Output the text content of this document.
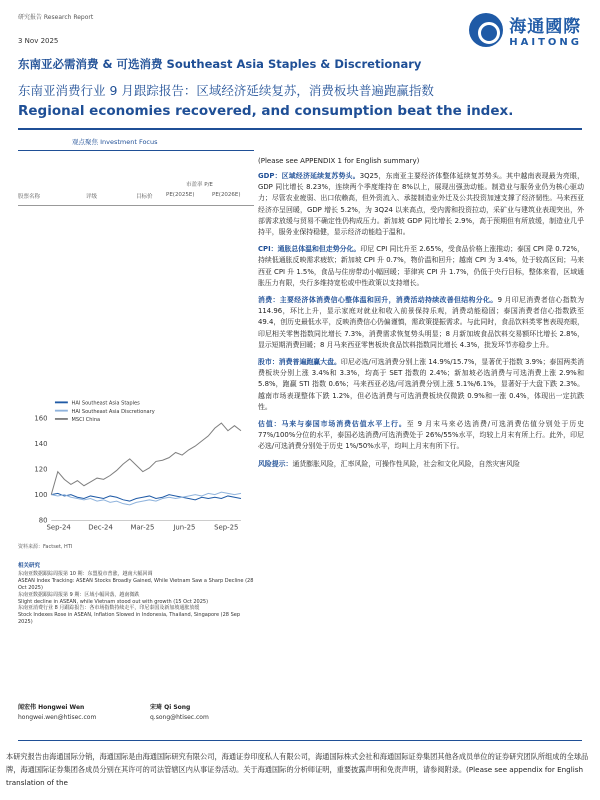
研究报告 Research Report
3 Nov 2025
海通國際
HAITONG
东南亚必需消费 & 可选消费 Southeast Asia Staples & Discretionary
东南亚消费行业 9 月跟踪报告：区域经济延续复苏，消费板块普遍跑赢指数
Regional economies recovered, and consumption beat the index.
观点聚焦 Investment Focus
股票名称	评级	目标价
市盈率 P/E
PE(2025E)	PE(2026E)
80
100
120
140
160
Sep-24 Dec-24 Mar-25	Jun-25	Sep-25
HAI Southeast Asia Staples
HAI Southeast Asia Discretionary
MSCI China
资料来源：Factset, HTI
相关研究
东南亚数据跟踪周报第 10 期：东盟股市普涨，越南大幅回调
ASEAN Index Tracking: ASEAN Stocks Broadly Gained, While Vietnam Saw a Sharp Decline (28 Oct 2025)
东南亚数据跟踪周报第 9 期：区域小幅回落，越南微跌
Slight decline in ASEAN, while Vietnam stood out with growth (15 Oct 2025)
东南亚消费行业 8 月跟踪报告：各市场指数持续走平，印尼泰国及新加坡通胀放缓
Stock Indexes Rose in ASEAN, Inflation Slowed in Indonesia, Thailand, Singapore (28 Sep 2025)
(Please see APPENDIX 1 for English summary)
GDP：区域经济延续复苏势头。3Q25，东南亚主要经济体整体延续复苏势头。其中越南表现最为亮眼，GDP 同比增长 8.23%，连续两个季度维持在 8%以上，展现出强劲动能。制造业与服务业仍为核心驱动力；尽管农业疲弱、出口依赖高，但外资流入、承接制造业外迁及公共投资加速支撑了经济韧性。马来西亚经济亦呈回暖，GDP 增长 5.2%，为 3Q24 以来高点，受内需和投资拉动，采矿业与建筑业表现突出，外部需求放缓与贸易不确定性仍构成压力。新加坡 GDP 同比增长 2.9%，高于预期但有所放缓，制造业几乎持平，服务业保持稳健，显示经济动能趋于温和。
CPI：通胀总体温和但走势分化。印尼 CPI 同比升至 2.65%，受食品价格上涨推动；泰国 CPI 降 0.72%，持续低通胀反映需求疲软；新加坡 CPI 升 0.7%，物价温和回升；越南 CPI 为 3.4%，处于较高区间；马来西亚 CPI 升 1.5%，食品与住房带动小幅回暖；菲律宾 CPI 升 1.7%，仍低于央行目标，整体来看，区域通胀压力有限，央行多维持宽松或中性政策以支持增长。
消费：主要经济体消费信心整体温和回升，消费活动持续改善但结构分化。9 月印尼消费者信心指数为 114.96，环比上升，显示家庭对就业和收入前景保持乐观，消费动能稳固；泰国消费者信心指数跌至 49.4，创历史最低水平，反映消费信心仍偏谨慎，需政策提振需求。与此同时，食品饮料类零售表现亮眼，印尼相关零售指数同比增长 7.3%，消费需求恢复势头明显；8 月新加坡食品饮料交易额环比增长 2.8%，显示短期消费回暖；8 月马来西亚零售板块食品饮料指数同比增长 4.3%，批发环节亦稳步上升。
股市：消费普遍跑赢大盘。印尼必选/可选消费分别上涨 14.9%/15.7%，显著优于指数 3.9%；泰国两类消费板块分别上涨 3.4%和 3.3%，均高于 SET 指数的 2.4%；新加坡必选消费与可选消费上涨 2.9%和 5.8%，跑赢 STI 指数 0.6%；马来西亚必选/可选消费分别上涨 5.1%/6.1%，显著好于大盘下跌 2.3%。越南市场表现整体下跌 1.2%，但必选消费与可选消费板块仅微跌 0.9%和一涨 0.4%，体现出一定抗跌性。
估值：马来与泰国市场消费估值水平上行。至 9 月末马来必选消费/可选消费估值分别处于历史 77%/100%分位的水平，泰国必选消费/可选消费处于 26%/55%水平，均较上月末有所上行。此外，印尼必选/可选消费分别处于历史 1%/50%水平，均叫上月末有所下行。
风险提示：通货膨胀风险，汇率风险，可操作性风险，社会和文化风险，自然灾害风险
闻宏伟 Hongwei Wen
hongwei.wen@htisec.com
宋琦 Qi Song
q.song@htisec.com
本研究报告由海通国际分销，海通国际是由海通国际研究有限公司，海通证券印度私人有限公司，海通国际株式会社和海通国际证券集团其他各成员单位的证券研究团队所组成的全球品牌，海通国际证券集团各成员分别在其许可的司法管辖区内从事证券活动。关于海通国际的分析师证明，重要披露声明和免责声明，请参阅附录。(Please see appendix for English translation of the
